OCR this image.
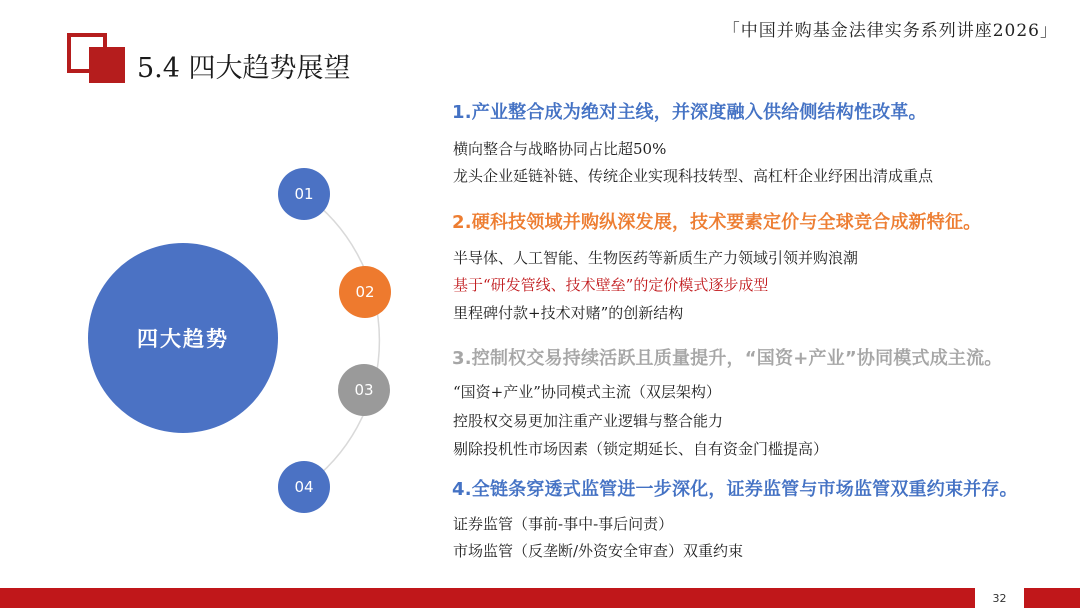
「中国并购基金法律实务系列讲座2026」
5.4 四大趋势展望
四大趋势
01
02
03
04
1.产业整合成为绝对主线，并深度融入供给侧结构性改革。
横向整合与战略协同占比超50%
龙头企业延链补链、传统企业实现科技转型、高杠杆企业纾困出清成重点
2.硬科技领域并购纵深发展，技术要素定价与全球竞合成新特征。
半导体、人工智能、生物医药等新质生产力领域引领并购浪潮
基于“研发管线、技术壁垒”的定价模式逐步成型
里程碑付款+技术对赌”的创新结构
3.控制权交易持续活跃且质量提升，“国资+产业”协同模式成主流。
“国资+产业”协同模式主流（双层架构）
控股权交易更加注重产业逻辑与整合能力
剔除投机性市场因素（锁定期延长、自有资金门槛提高）
4.全链条穿透式监管进一步深化，证券监管与市场监管双重约束并存。
证券监管（事前-事中-事后问责）
市场监管（反垄断/外资安全审查）双重约束
32
